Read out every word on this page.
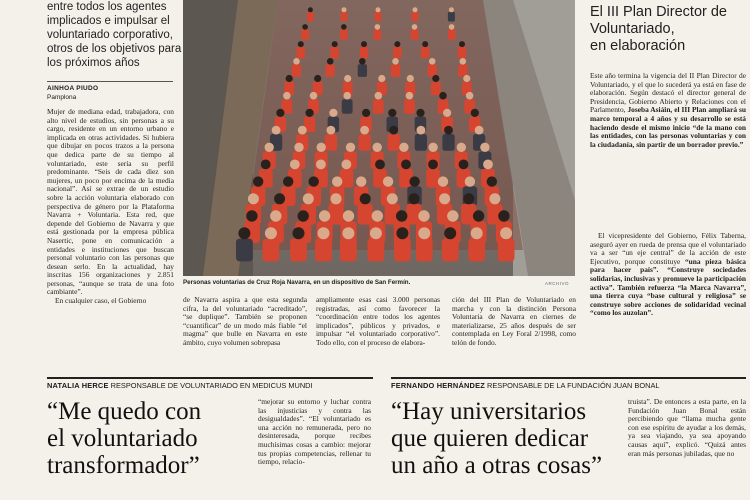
entre todos los agentes
implicados e impulsar el
voluntariado corporativo,
otros de los objetivos para
los próximos años
AINHOA PIUDO
Pamplona

Mujer de mediana edad, trabajadora, con alto nivel de estudios, sin personas a su cargo, residente en un entorno urbano e implicada en otras actividades. Si hubiera que dibujar en pocos trazos a la persona que dedica parte de su tiempo al voluntariado, este sería su perfil predominante. “Seis de cada diez son mujeres, un poco por encima de la media nacional”. Así se extrae de un estudio sobre la acción voluntaria elaborado con perspectiva de género por la Plataforma Navarra + Voluntaria. Esta red, que depende del Gobierno de Navarra y que está gestionada por la empresa pública Nasertic, pone en comunicación a entidades e instituciones que buscan personal voluntario con las personas que desean serlo. En la actualidad, hay inscritas 156 organizaciones y 2.851 personas, “aunque se trata de una foto cambiante”.

En cualquier caso, el Gobierno

Personas voluntarias de Cruz Roja Navarra, en un dispositivo de San Fermín.	ARCHIVO

de Navarra aspira a que esta segunda cifra, la del voluntariado “acreditado”, “se duplique”. También se proponen “cuantificar” de un modo más fiable “el magma” que bulle en Navarra en este ámbito, cuyo volumen sobrepasa

ampliamente esas casi 3.000 personas registradas, así como favorecer la “coordinación entre todos los agentes implicados”, públicos y privados, e impulsar “el voluntariado corporativo”. Todo ello, con el proceso de elabora-

ción del III Plan de Voluntariado en marcha y con la distinción Persona Voluntaria de Navarra en ciernes de materializarse, 25 años después de ser contemplada en Ley Foral 2/1998, como telón de fondo.

El III Plan Director de
Voluntariado,
en elaboración

Este año termina la vigencia del II Plan Director de Voluntariado, y el que lo sucederá ya está en fase de elaboración. Según destacó el director general de Presidencia, Gobierno Abierto y Relaciones con el Parlamento, Joseba Asiáin, el III Plan ampliará su marco temporal a 4 años y su desarrollo se está haciendo desde el mismo inicio “de la mano con las entidades, con las personas voluntarias y con la ciudadanía, sin partir de un borrador previo.”

El vicepresidente del Gobierno, Félix Taberna, aseguró ayer en rueda de prensa que el voluntariado va a ser “un eje central” de la acción de este Ejecutivo, porque constituye “una pieza básica para hacer país”. “Construye sociedades solidarias, inclusivas y promueve la participación activa”. También refuerza “la Marca Navarra”, una tierra cuya “base cultural y religiosa” se construye sobre acciones de solidaridad vecinal “como los auzolan”.

NATALIA HERCE RESPONSABLE DE VOLUNTARIADO EN MEDICUS MUNDI
“Me quedo con
el voluntariado
transformador”

“mejorar su entorno y luchar contra las injusticias y contra las desigualdades”. “El voluntariado es una acción no remunerada, pero no desinteresada, porque recibes muchísimas cosas a cambio: mejorar tus propias competencias, rellenar tu tiempo, relacio-

FERNANDO HERNÁNDEZ RESPONSABLE DE LA FUNDACIÓN JUAN BONAL
“Hay universitarios
que quieren dedicar
un año a otras cosas”

truista”. De entonces a esta parte, en la Fundación Juan Bonal están percibiendo que “llama mucha gente con ese espíritu de ayudar a los demás, ya sea viajando, ya sea apoyando causas aquí”, explicó. “Quizá antes eran más personas jubiladas, que no
